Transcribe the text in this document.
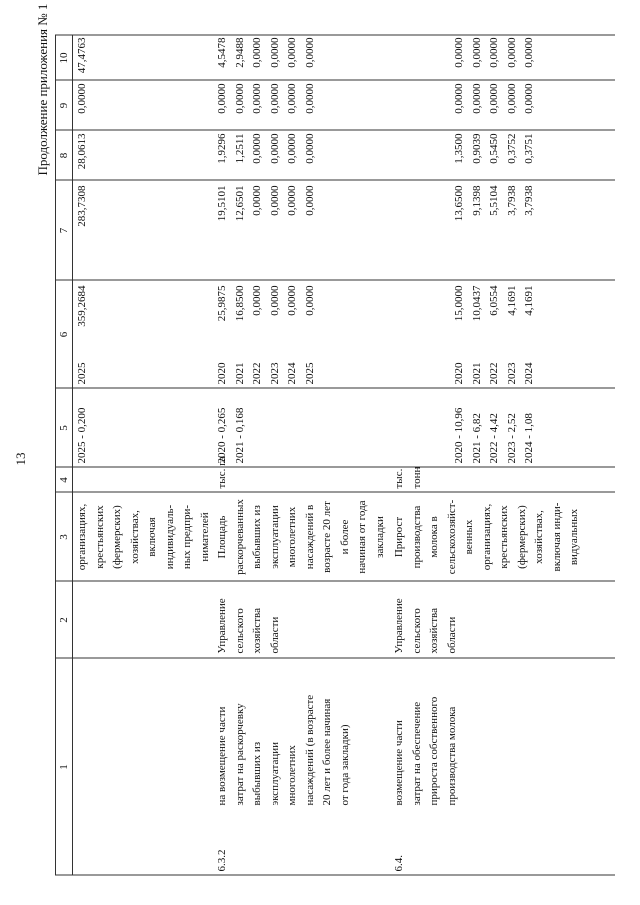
13
Продолжение приложения № 1
1
2
3
4
5
6
7
8
9
10
организациях,
крестьянских
(фермерских)
хозяйствах,
включая
индивидуаль-
ных предпри-
нимателей
2025 - 0,200
2025
359,2684
283,7308
28,0613
0,0000
47,4763
6.3.2
на возмещение части
затрат на раскорчевку
выбывших из
эксплуатации
многолетних
насаждений (в возрасте
20 лет и более начиная
от года закладки)
Управление
сельского
хозяйства
области
Площадь
раскорчеванных
выбывших из
эксплуатации
многолетних
насаждений в
возрасте 20 лет
и более
начиная от года
закладки
тыс. га
2020 - 0,265
2021 - 0,168
2020
2021
2022
2023
2024
2025
25,9875
16,8500
0,0000
0,0000
0,0000
0,0000
19,5101
12,6501
0,0000
0,0000
0,0000
0,0000
1,9296
1,2511
0,0000
0,0000
0,0000
0,0000
0,0000
0,0000
0,0000
0,0000
0,0000
0,0000
4,5478
2,9488
0,0000
0,0000
0,0000
0,0000
6.4.
возмещение части
затрат на обеспечение
прироста собственного
производства молока
Управление
сельского
хозяйства
области
Прирост
производства
молока в
сельскохозяйст-
венных
организациях,
крестьянских
(фермерских)
хозяйствах,
включая инди-
видуальных
тыс.
тонн
2020 - 10,96
2021 - 6,82
2022 - 4,42
2023 - 2,52
2024 - 1,08
2020
2021
2022
2023
2024
15,0000
10,0437
6,0554
4,1691
4,1691
13,6500
9,1398
5,5104
3,7938
3,7938
1,3500
0,9039
0,5450
0,3752
0,3751
0,0000
0,0000
0,0000
0,0000
0,0000
0,0000
0,0000
0,0000
0,0000
0,0000
